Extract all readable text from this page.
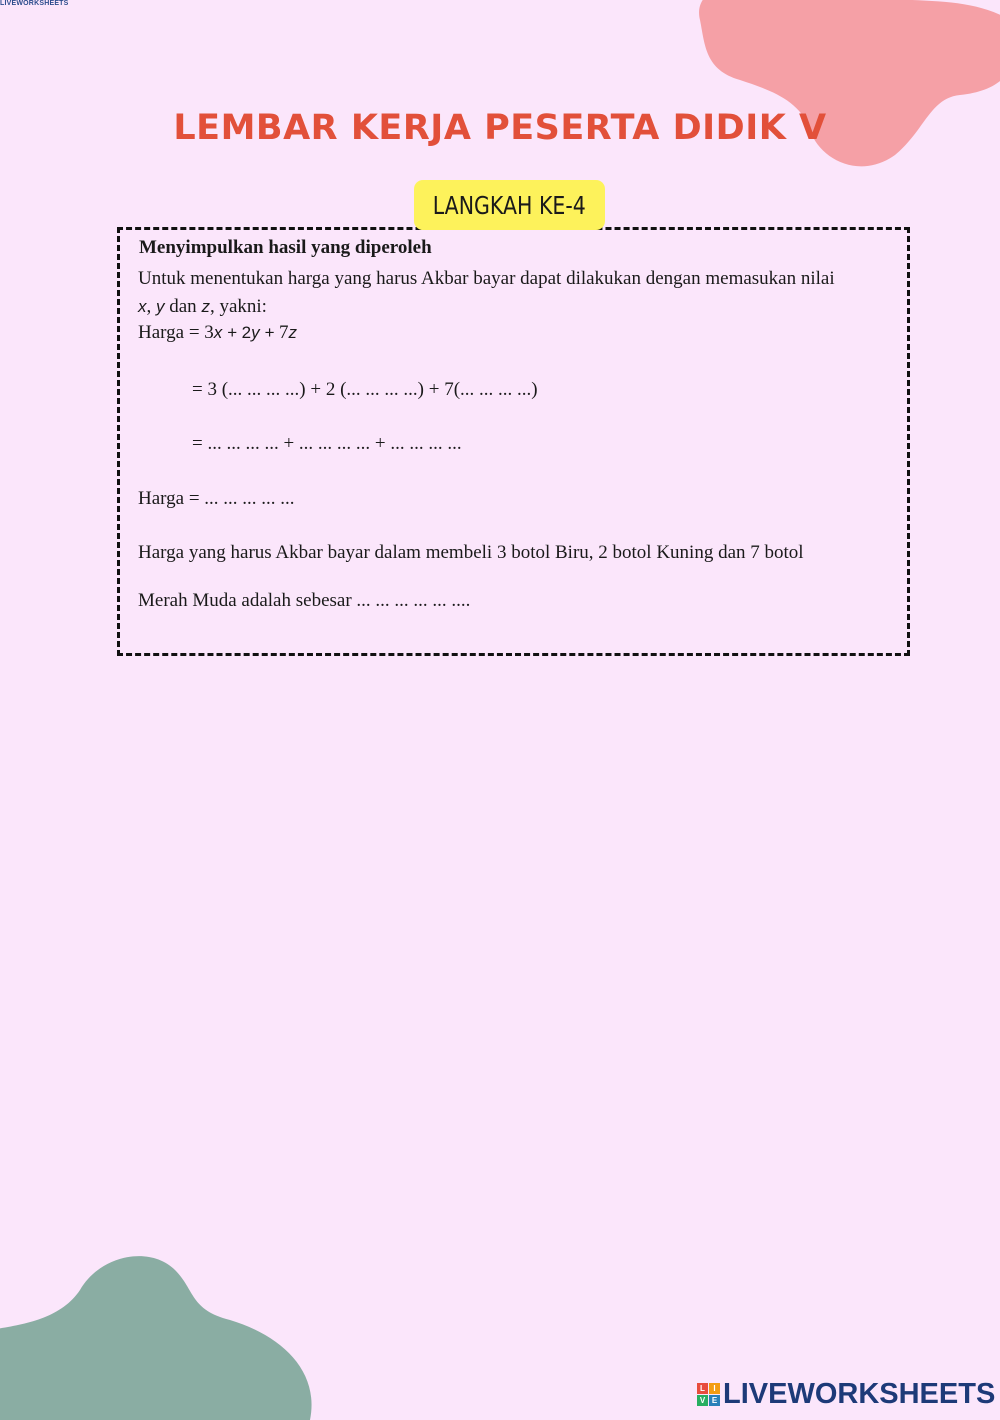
LIVEWORKSHEETS
LEMBAR KERJA PESERTA DIDIK V
LANGKAH KE-4
Menyimpulkan hasil yang diperoleh
Untuk menentukan harga yang harus Akbar bayar dapat dilakukan dengan memasukan nilai
x, y dan z, yakni:
Harga = 3x + 2y + 7z
= 3 (... ... ... ...) + 2 (... ... ... ...) + 7(... ... ... ...)
= ... ... ... ... + ... ... ... ... + ... ... ... ...
Harga = ... ... ... ... ...
Harga yang harus Akbar bayar dalam membeli 3 botol Biru, 2 botol Kuning dan 7 botol
Merah Muda adalah sebesar ... ... ... ... ... ....
L	I
V E LIVEWORKSHEETS
